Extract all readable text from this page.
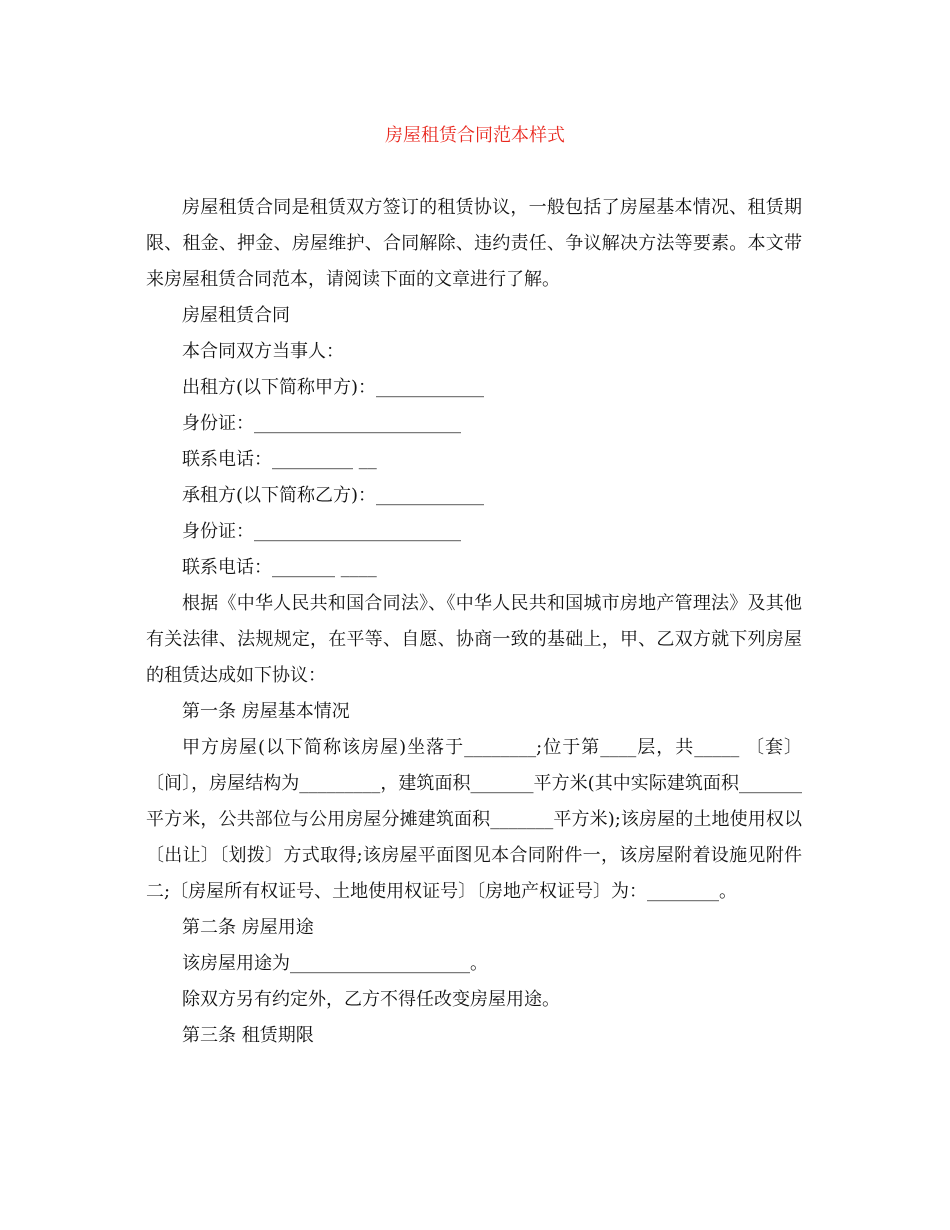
房屋租赁合同范本样式

房屋租赁合同是租赁双方签订的租赁协议，一般包括了房屋基本情况、租赁期限、租金、押金、房屋维护、合同解除、违约责任、争议解决方法等要素。本文带来房屋租赁合同范本，请阅读下面的文章进行了解。

房屋租赁合同

本合同双方当事人：

出租方(以下简称甲方)：____________

身份证：_______________________

联系电话：_________ __

承租方(以下简称乙方)：____________

身份证：_______________________

联系电话：_______ ____

根据《中华人民共和国合同法》、《中华人民共和国城市房地产管理法》及其他有关法律、法规规定，在平等、自愿、协商一致的基础上，甲、乙双方就下列房屋的租赁达成如下协议：

第一条 房屋基本情况

甲方房屋(以下简称该房屋)坐落于________;位于第____层，共_____ 〔套〕〔间〕，房屋结构为_________，建筑面积_______平方米(其中实际建筑面积_______平方米，公共部位与公用房屋分摊建筑面积_______平方米);该房屋的土地使用权以〔出让〕〔划拨〕方式取得;该房屋平面图见本合同附件一，该房屋附着设施见附件二;〔房屋所有权证号、土地使用权证号〕〔房地产权证号〕为：________。

第二条 房屋用途

该房屋用途为____________________。

除双方另有约定外，乙方不得任改变房屋用途。

第三条 租赁期限
